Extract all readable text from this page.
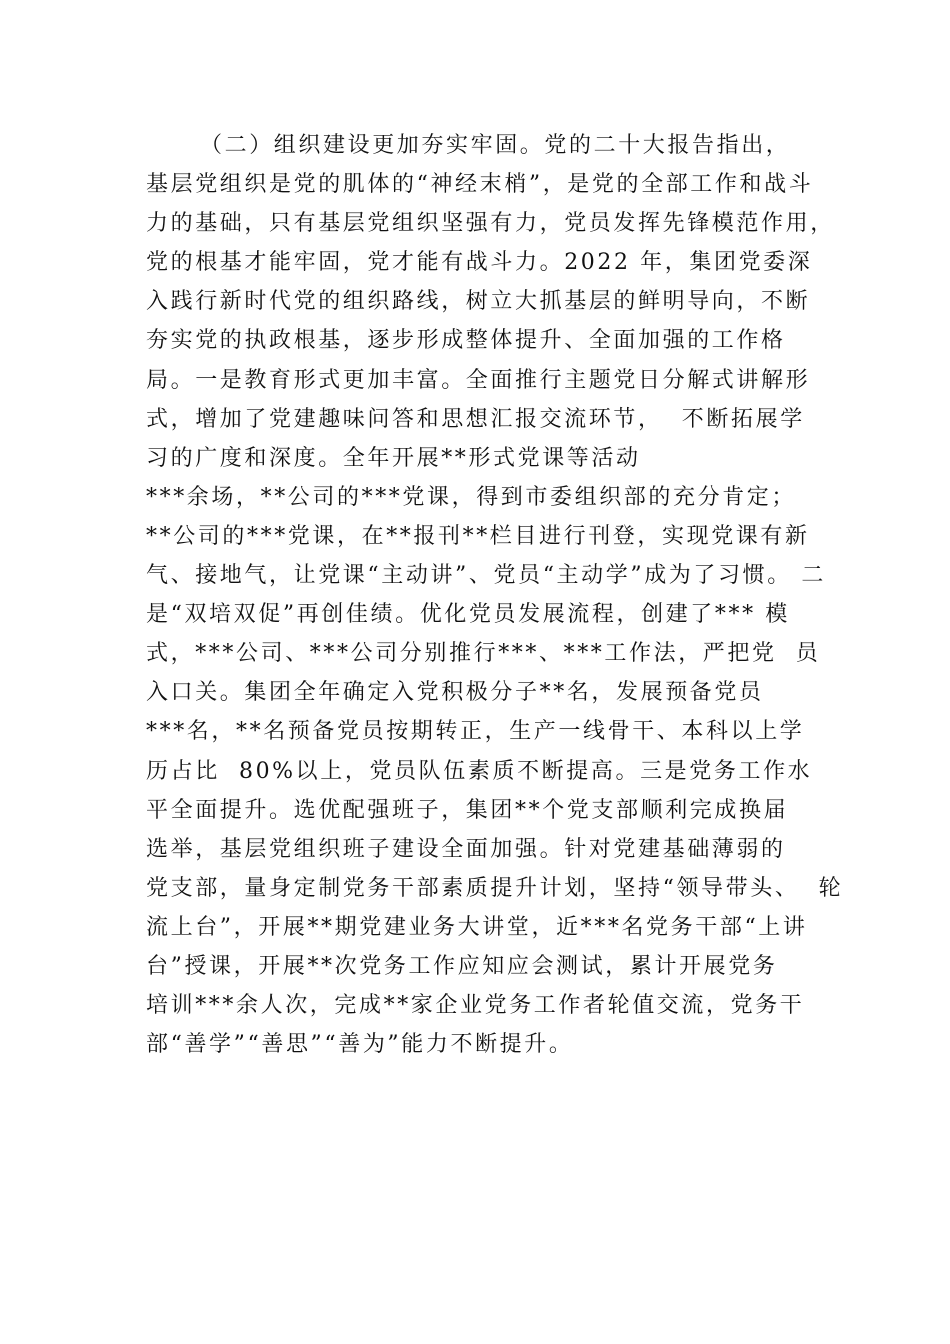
（二）组织建设更加夯实牢固。党的二十大报告指出，
基层党组织是党的肌体的“神经末梢”，是党的全部工作和战斗
力的基础，只有基层党组织坚强有力，党员发挥先锋模范作用，
党的根基才能牢固，党才能有战斗力。2022 年，集团党委深
入践行新时代党的组织路线，树立大抓基层的鲜明导向，不断
夯实党的执政根基，逐步形成整体提升、全面加强的工作格
局。一是教育形式更加丰富。全面推行主题党日分解式讲解形
式，增加了党建趣味问答和思想汇报交流环节，  不断拓展学
习的广度和深度。全年开展**形式党课等活动
***余场，**公司的***党课，得到市委组织部的充分肯定；
**公司的***党课，在**报刊**栏目进行刊登，实现党课有新
气、接地气，让党课“主动讲”、党员“主动学”成为了习惯。 二
是“双培双促”再创佳绩。优化党员发展流程，创建了*** 模
式，***公司、***公司分别推行***、***工作法，严把党  员
入口关。集团全年确定入党积极分子**名，发展预备党员
***名，**名预备党员按期转正，生产一线骨干、本科以上学
历占比  80%以上，党员队伍素质不断提高。三是党务工作水
平全面提升。选优配强班子，集团**个党支部顺利完成换届
选举，基层党组织班子建设全面加强。针对党建基础薄弱的
党支部，量身定制党务干部素质提升计划，坚持“领导带头、  轮
流上台”，开展**期党建业务大讲堂，近***名党务干部“上讲
台”授课，开展**次党务工作应知应会测试，累计开展党务
培训***余人次，完成**家企业党务工作者轮值交流，党务干
部“善学”“善思”“善为”能力不断提升。
